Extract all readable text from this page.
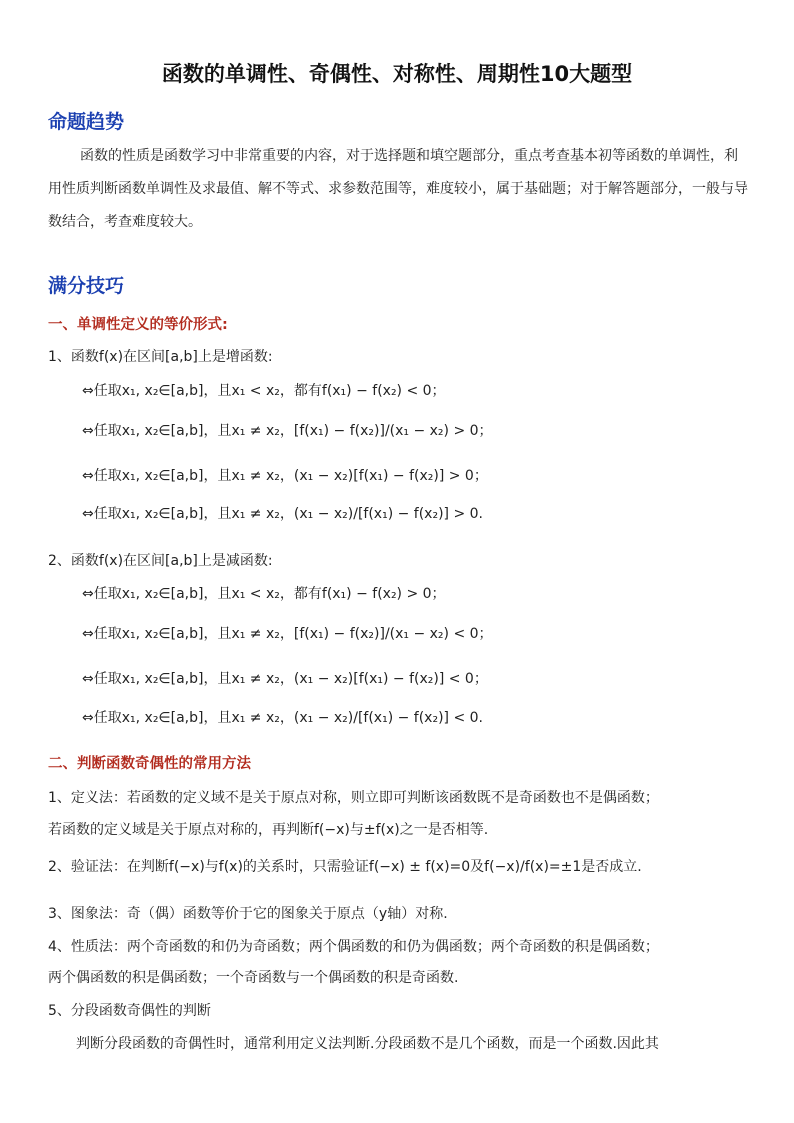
函数的单调性、奇偶性、对称性、周期性10大题型
命题趋势
函数的性质是函数学习中非常重要的内容，对于选择题和填空题部分，重点考查基本初等函数的单调性，利用性质判断函数单调性及求最值、解不等式、求参数范围等，难度较小，属于基础题；对于解答题部分，一般与导数结合，考查难度较大。
满分技巧
一、单调性定义的等价形式:
1、函数f(x)在区间[a,b]上是增函数:
⇔任取x₁, x₂∈[a,b]，且x₁ < x₂，都有f(x₁) − f(x₂) < 0；
⇔任取x₁, x₂∈[a,b]，且x₁ ≠ x₂，[f(x₁) − f(x₂)]/(x₁ − x₂) > 0；
⇔任取x₁, x₂∈[a,b]，且x₁ ≠ x₂，(x₁ − x₂)[f(x₁) − f(x₂)] > 0；
⇔任取x₁, x₂∈[a,b]，且x₁ ≠ x₂，(x₁ − x₂)/[f(x₁) − f(x₂)] > 0.
2、函数f(x)在区间[a,b]上是减函数:
⇔任取x₁, x₂∈[a,b]，且x₁ < x₂，都有f(x₁) − f(x₂) > 0；
⇔任取x₁, x₂∈[a,b]，且x₁ ≠ x₂，[f(x₁) − f(x₂)]/(x₁ − x₂) < 0；
⇔任取x₁, x₂∈[a,b]，且x₁ ≠ x₂，(x₁ − x₂)[f(x₁) − f(x₂)] < 0；
⇔任取x₁, x₂∈[a,b]，且x₁ ≠ x₂，(x₁ − x₂)/[f(x₁) − f(x₂)] < 0.
二、判断函数奇偶性的常用方法
1、定义法：若函数的定义域不是关于原点对称，则立即可判断该函数既不是奇函数也不是偶函数；
若函数的定义域是关于原点对称的，再判断f(−x)与±f(x)之一是否相等.
2、验证法：在判断f(−x)与f(x)的关系时，只需验证f(−x) ± f(x)=0及f(−x)/f(x)=±1是否成立.
3、图象法：奇（偶）函数等价于它的图象关于原点（y轴）对称.
4、性质法：两个奇函数的和仍为奇函数；两个偶函数的和仍为偶函数；两个奇函数的积是偶函数；
两个偶函数的积是偶函数；一个奇函数与一个偶函数的积是奇函数.
5、分段函数奇偶性的判断
判断分段函数的奇偶性时，通常利用定义法判断.分段函数不是几个函数，而是一个函数.因此其
